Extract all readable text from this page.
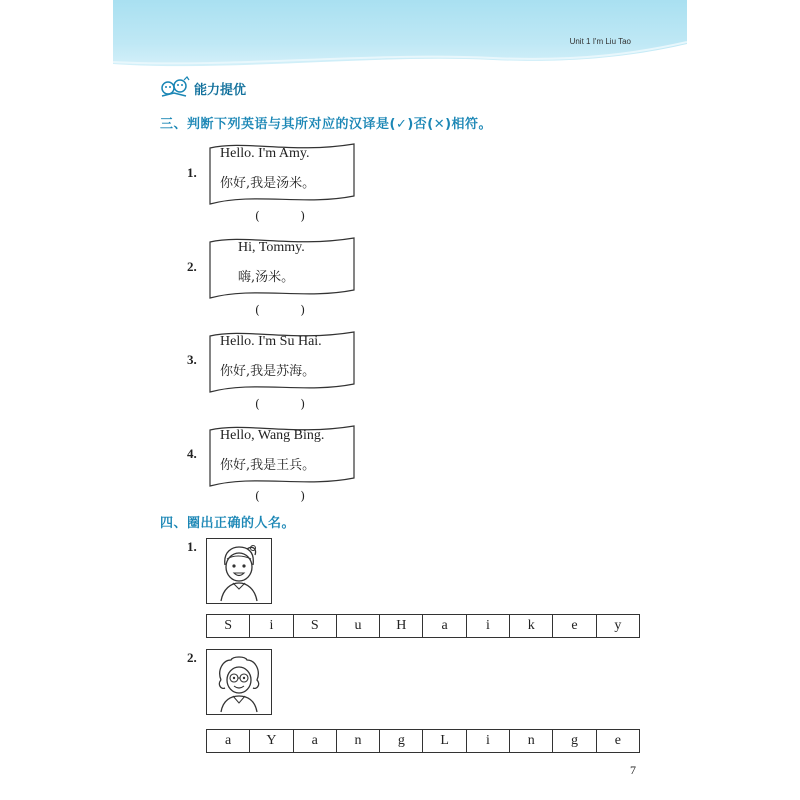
Unit 1 I'm Liu Tao
能力提优
三、判断下列英语与其所对应的汉译是(✓)否(✕)相符。
1.
Hello. I'm Amy.
你好,我是汤米。
(	)
2.
Hi, Tommy.
嗨,汤米。
(	)
3.
Hello. I'm Su Hai.
你好,我是苏海。
(	)
4.
Hello, Wang Bing.
你好,我是王兵。
(	)
四、圈出正确的人名。
1.
S	i	S	u	H	a	i	k	e	y
2.
a	Y	a	n	g	L	i	n	g	e
7
